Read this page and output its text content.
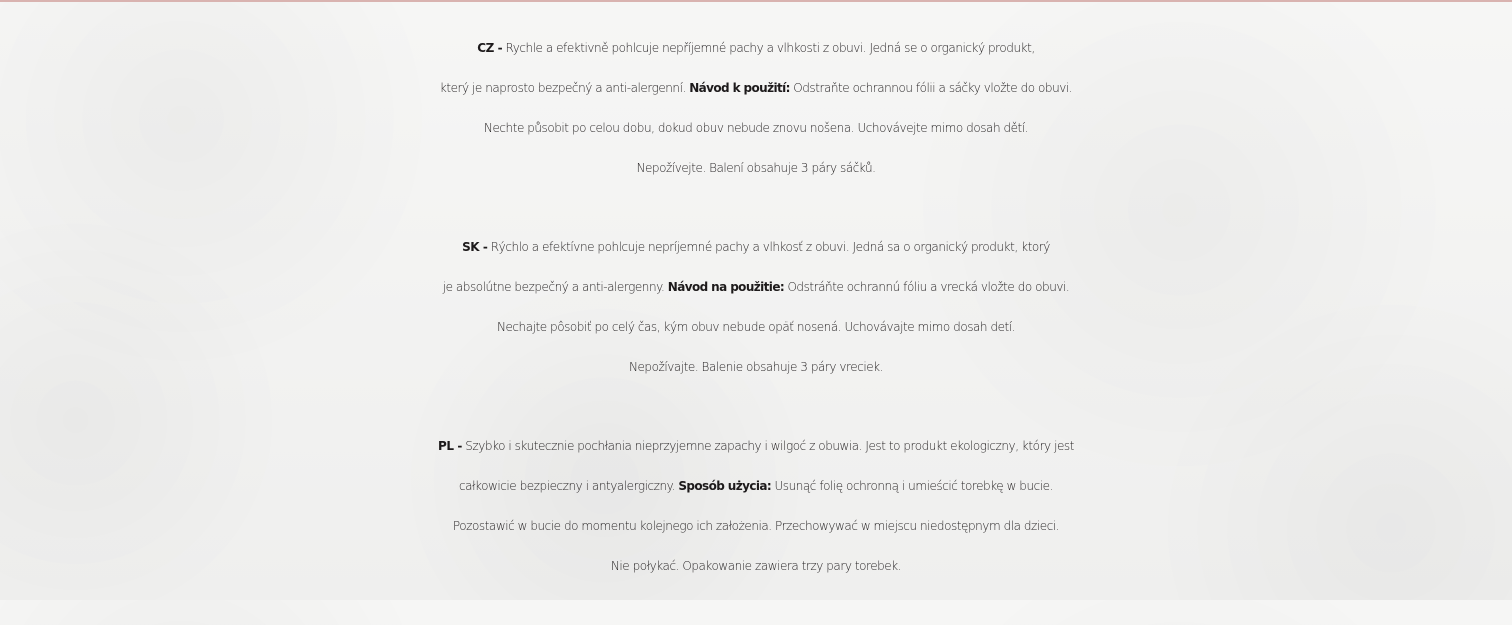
CZ - Rychle a efektivně pohlcuje nepříjemné pachy a vlhkosti z obuvi. Jedná se o organický produkt,
který je naprosto bezpečný a anti-alergenní. Návod k použití: Odstraňte ochrannou fólii a sáčky vložte do obuvi.
Nechte působit po celou dobu, dokud obuv nebude znovu nošena. Uchovávejte mimo dosah dětí.
Nepožívejte. Balení obsahuje 3 páry sáčků.
SK - Rýchlo a efektívne pohlcuje nepríjemné pachy a vlhkosť z obuvi. Jedná sa o organický produkt, ktorý
je absolútne bezpečný a anti-alergenny. Návod na použitie: Odstráňte ochrannú fóliu a vrecká vložte do obuvi.
Nechajte pôsobiť po celý čas, kým obuv nebude opäť nosená. Uchovávajte mimo dosah detí.
Nepožívajte. Balenie obsahuje 3 páry vreciek.
PL - Szybko i skutecznie pochłania nieprzyjemne zapachy i wilgoć z obuwia. Jest to produkt ekologiczny, który jest
całkowicie bezpieczny i antyalergiczny. Sposób użycia: Usunąć folię ochronną i umieścić torebkę w bucie.
Pozostawić w bucie do momentu kolejnego ich założenia. Przechowywać w miejscu niedostępnym dla dzieci.
Nie połykać. Opakowanie zawiera trzy pary torebek.
